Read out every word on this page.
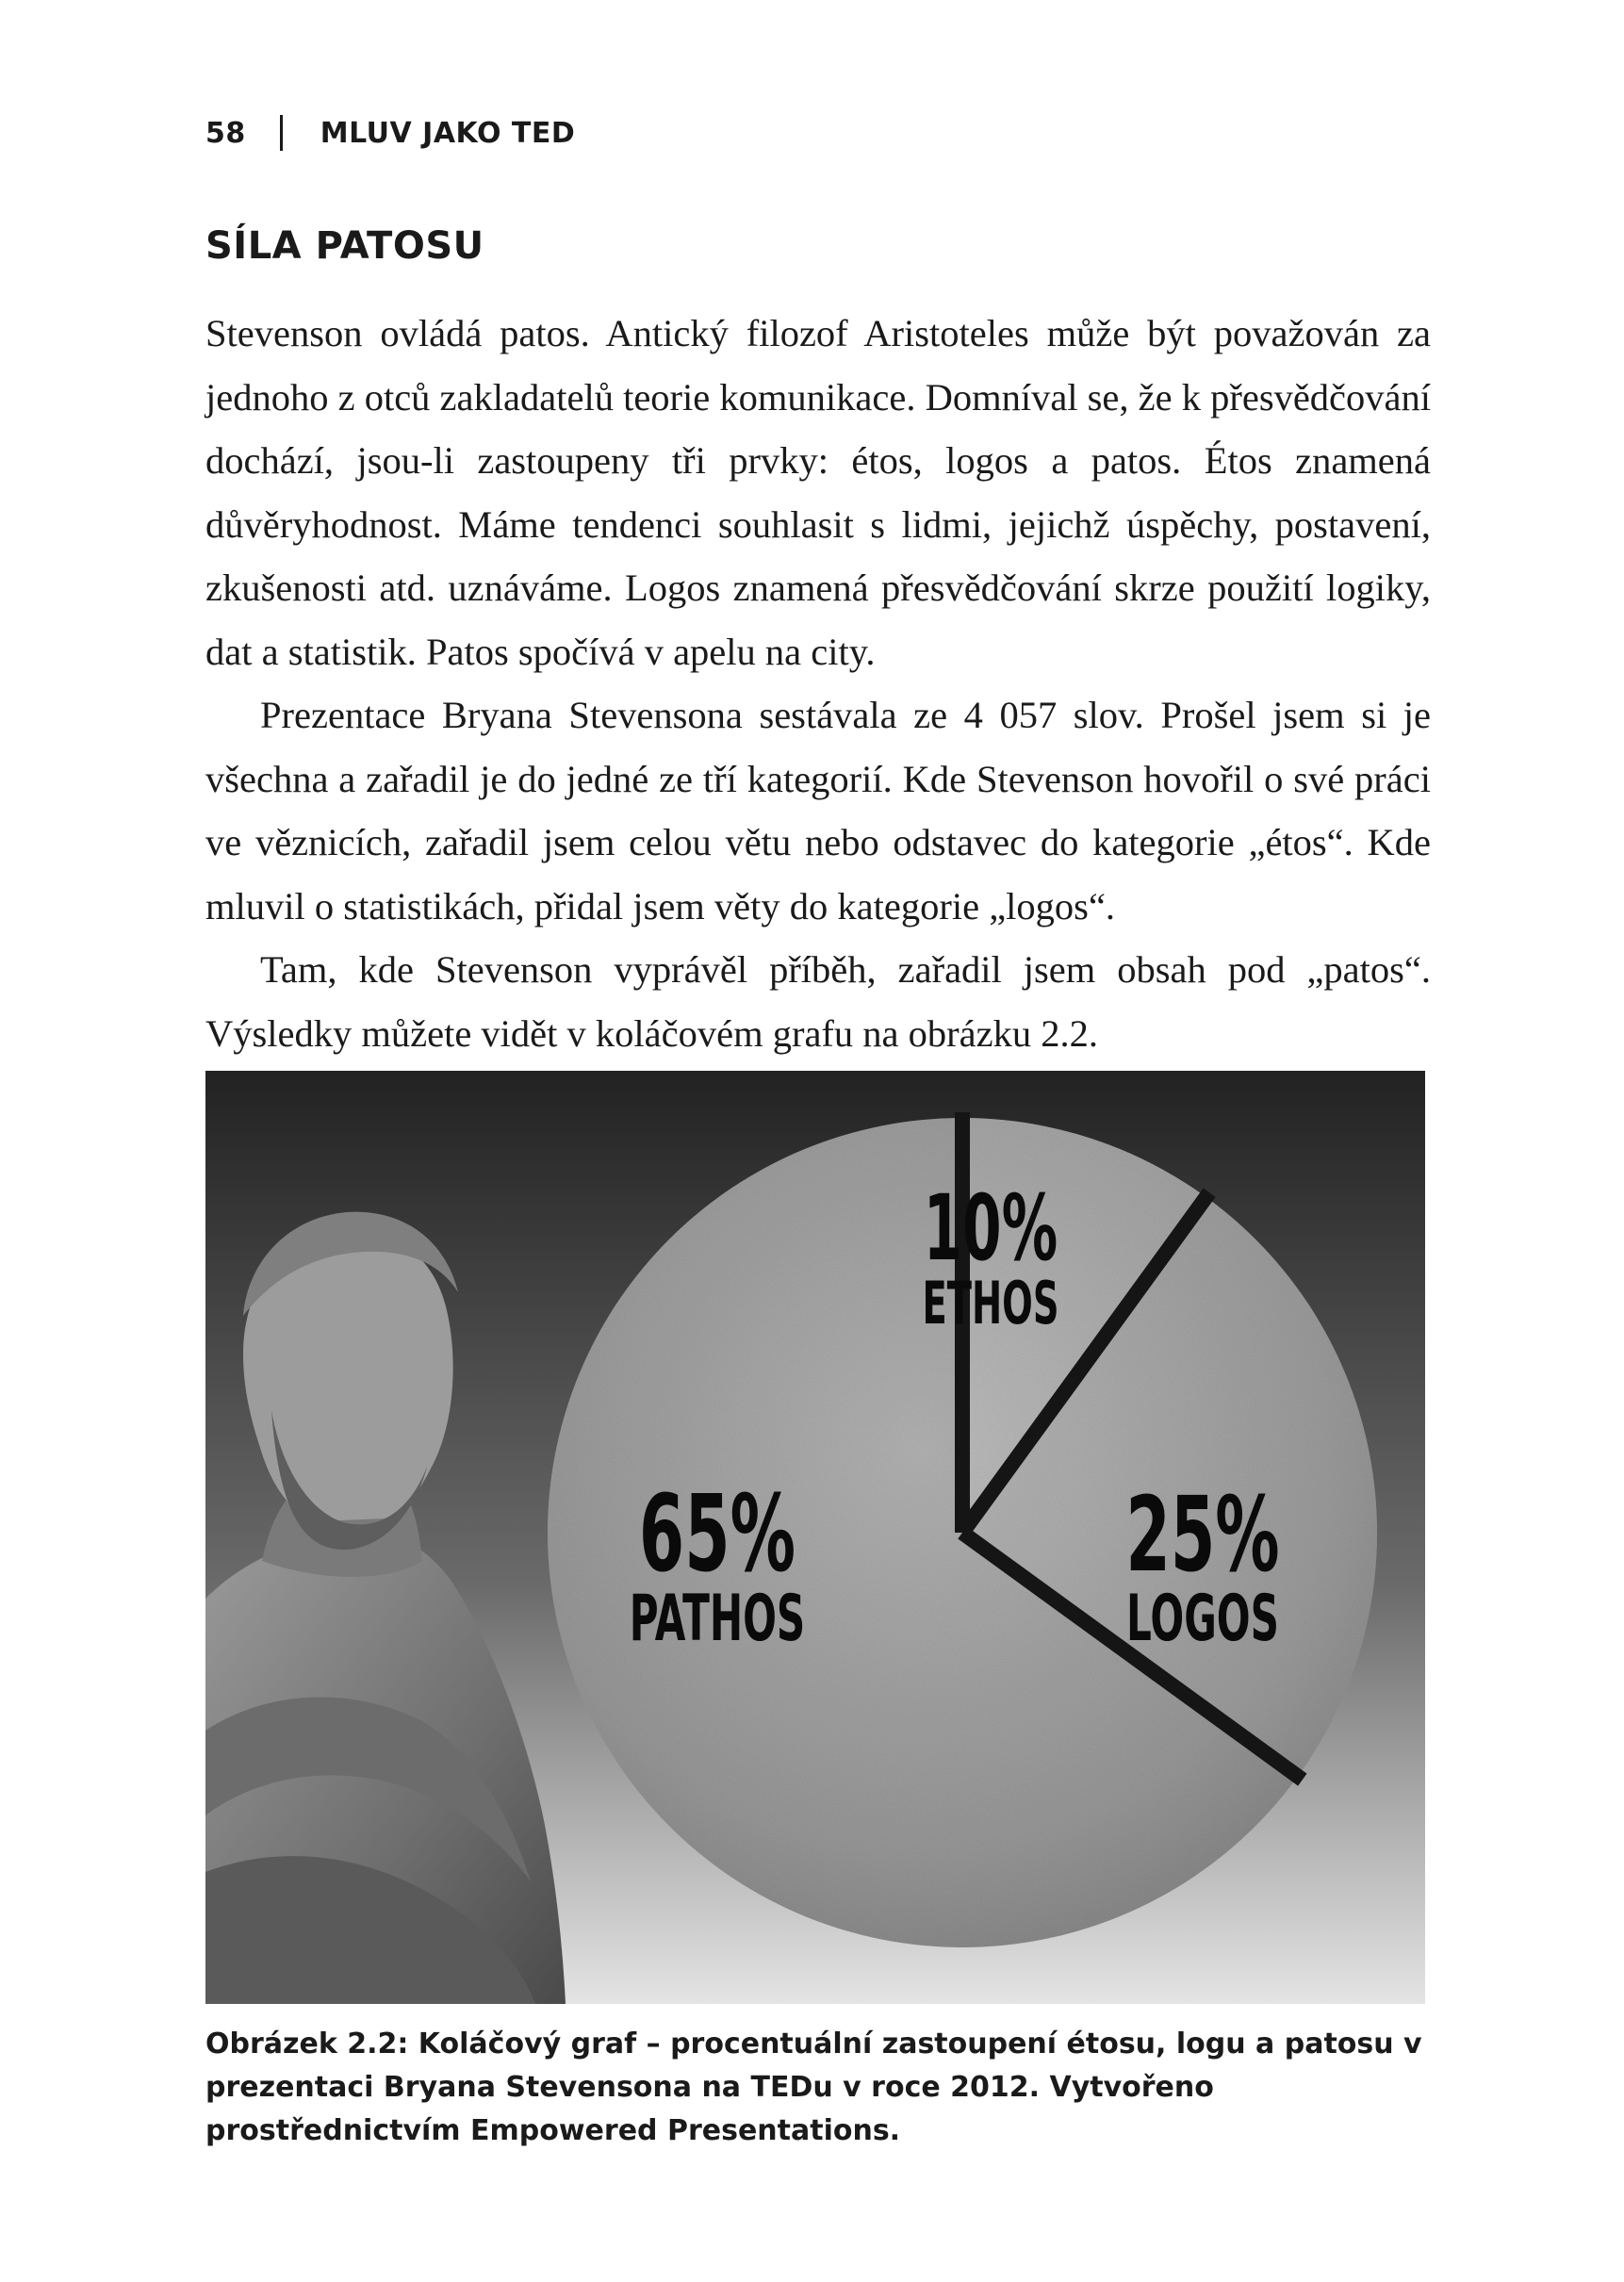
58	MLUV JAKO TED
SÍLA PATOSU

Stevenson ovládá patos. Antický filozof Aristoteles může být považován za jednoho z otců zakladatelů teorie komunikace. Domníval se, že k přesvědčování dochází, jsou-li zastoupeny tři prvky: étos, logos a patos. Étos znamená důvěryhodnost. Máme tendenci souhlasit s lidmi, jejichž úspěchy, postavení, zkušenosti atd. uznáváme. Logos znamená přesvědčování skrze použití logiky, dat a statistik. Patos spočívá v apelu na city.

Prezentace Bryana Stevensona sestávala ze 4 057 slov. Prošel jsem si je všechna a zařadil je do jedné ze tří kategorií. Kde Stevenson hovořil o své práci ve věznicích, zařadil jsem celou větu nebo odstavec do kategorie „étos“. Kde mluvil o statistikách, přidal jsem věty do kategorie „logos“.

Tam, kde Stevenson vyprávěl příběh, zařadil jsem obsah pod „patos“. Výsledky můžete vidět v koláčovém grafu na obrázku 2.2.

10%
ETHOS
25%
LOGOS
65%
PATHOS

Obrázek 2.2: Koláčový graf – procentuální zastoupení étosu, logu a patosu v prezentaci Bryana Stevensona na TEDu v roce 2012. Vytvořeno prostřednictvím Empowered Presentations.
